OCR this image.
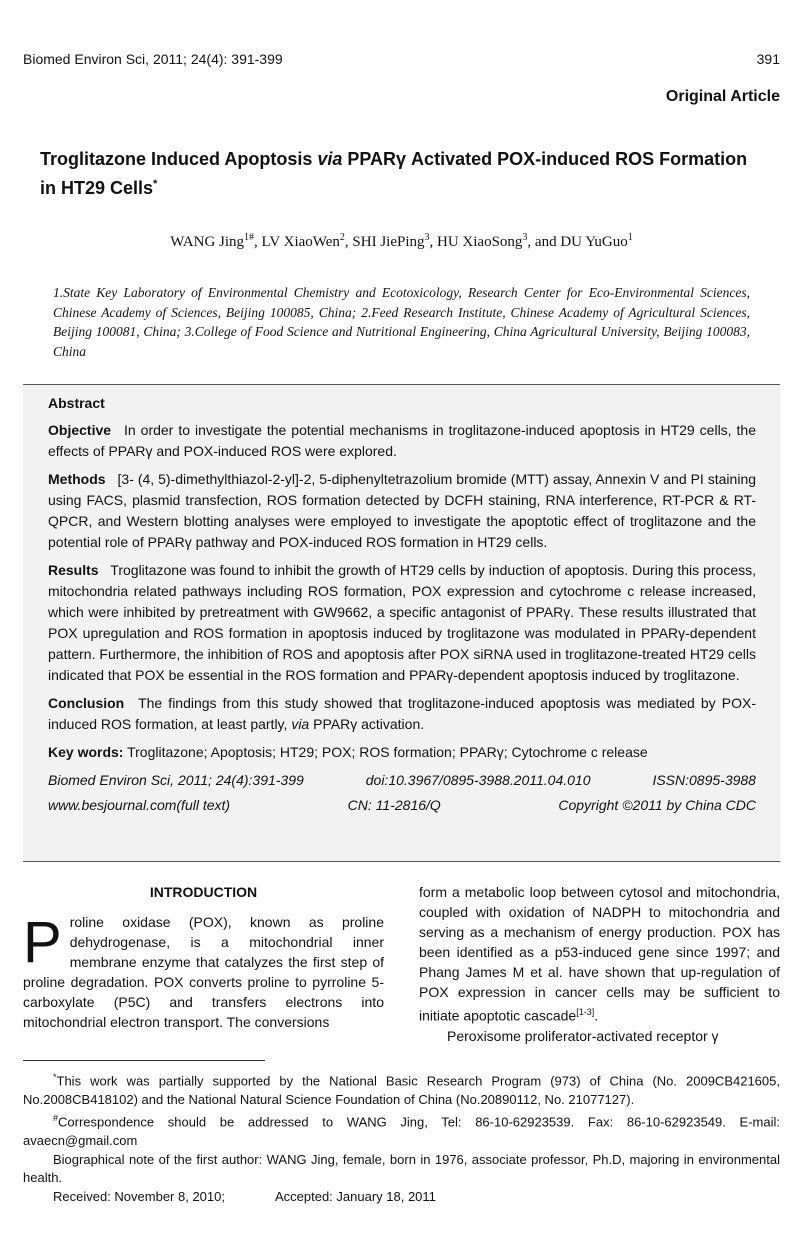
Biomed Environ Sci, 2011; 24(4): 391-399	391
Original Article
Troglitazone Induced Apoptosis via PPARγ Activated POX-induced ROS Formation in HT29 Cells*
WANG Jing$^{1\#}$, LV XiaoWen$^2$, SHI JiePing$^3$, HU XiaoSong$^3$, and DU YuGuo$^1$
1.State Key Laboratory of Environmental Chemistry and Ecotoxicology, Research Center for Eco-Environmental Sciences, Chinese Academy of Sciences, Beijing 100085, China; 2.Feed Research Institute, Chinese Academy of Agricultural Sciences, Beijing 100081, China; 3.College of Food Science and Nutritional Engineering, China Agricultural University, Beijing 100083, China
Abstract
Objective In order to investigate the potential mechanisms in troglitazone-induced apoptosis in HT29 cells, the effects of PPARγ and POX-induced ROS were explored.
Methods [3- (4, 5)-dimethylthiazol-2-yl]-2, 5-diphenyltetrazolium bromide (MTT) assay, Annexin V and PI staining using FACS, plasmid transfection, ROS formation detected by DCFH staining, RNA interference, RT-PCR & RT-QPCR, and Western blotting analyses were employed to investigate the apoptotic effect of troglitazone and the potential role of PPARγ pathway and POX-induced ROS formation in HT29 cells.
Results Troglitazone was found to inhibit the growth of HT29 cells by induction of apoptosis. During this process, mitochondria related pathways including ROS formation, POX expression and cytochrome c release increased, which were inhibited by pretreatment with GW9662, a specific antagonist of PPARγ. These results illustrated that POX upregulation and ROS formation in apoptosis induced by troglitazone was modulated in PPARγ-dependent pattern. Furthermore, the inhibition of ROS and apoptosis after POX siRNA used in troglitazone-treated HT29 cells indicated that POX be essential in the ROS formation and PPARγ-dependent apoptosis induced by troglitazone.
Conclusion The findings from this study showed that troglitazone-induced apoptosis was mediated by POX-induced ROS formation, at least partly, via PPARγ activation.
Key words: Troglitazone; Apoptosis; HT29; POX; ROS formation; PPARγ; Cytochrome c release
Biomed Environ Sci, 2011; 24(4):391-399	doi:10.3967/0895-3988.2011.04.010	ISSN:0895-3988
www.besjournal.com(full text)	CN: 11-2816/Q	Copyright ©2011 by China CDC
INTRODUCTION
Proline oxidase (POX), known as proline dehydrogenase, is a mitochondrial inner membrane enzyme that catalyzes the first step of proline degradation. POX converts proline to pyrroline 5-carboxylate (P5C) and transfers electrons into mitochondrial electron transport. The conversions
form a metabolic loop between cytosol and mitochondria, coupled with oxidation of NADPH to mitochondria and serving as a mechanism of energy production. POX has been identified as a p53-induced gene since 1997; and Phang James M et al. have shown that up-regulation of POX expression in cancer cells may be sufficient to initiate apoptotic cascade[1-3].
Peroxisome proliferator-activated receptor γ
*This work was partially supported by the National Basic Research Program (973) of China (No. 2009CB421605, No.2008CB418102) and the National Natural Science Foundation of China (No.20890112, No. 21077127).
#Correspondence should be addressed to WANG Jing, Tel: 86-10-62923539. Fax: 86-10-62923549. E-mail: avaecn@gmail.com
Biographical note of the first author: WANG Jing, female, born in 1976, associate professor, Ph.D, majoring in environmental health.
Received: November 8, 2010;	Accepted: January 18, 2011
